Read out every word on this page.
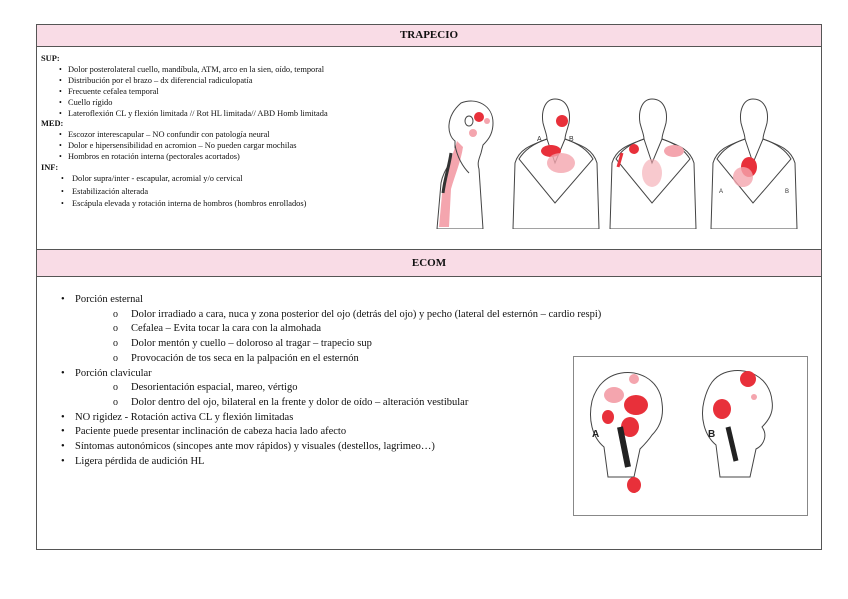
TRAPECIO
SUP:
• Dolor posterolateral cuello, mandíbula, ATM, arco en la sien, oído, temporal
• Distribución por el brazo – dx diferencial radiculopatía
• Frecuente cefalea temporal
• Cuello rígido
• Lateroflexión CL y flexión limitada // Rot HL limitada// ABD Homb limitada
MED:
• Escozor interescapular – NO confundir con patología neural
• Dolor e hipersensibilidad en acromion – No pueden cargar mochilas
• Hombros en rotación interna (pectorales acortados)
INF:
• Dolor supra/inter - escapular, acromial y/o cervical
• Estabilización alterada
• Escápula elevada y rotación interna de hombros (hombros enrollados)
A	B
A	B
ECOM
• Porción esternal
o Dolor irradiado a cara, nuca y zona posterior del ojo (detrás del ojo) y pecho (lateral del esternón – cardio respi)
o Cefalea – Evita tocar la cara con la almohada
o Dolor mentón y cuello – doloroso al tragar – trapecio sup
o Provocación de tos seca en la palpación en el esternón
• Porción clavicular
o Desorientación espacial, mareo, vértigo
o Dolor dentro del ojo, bilateral en la frente y dolor de oído – alteración vestibular
• NO rigidez - Rotación activa CL y flexión limitadas
• Paciente puede presentar inclinación de cabeza hacia lado afecto
• Síntomas autonómicos (sincopes ante mov rápidos) y visuales (destellos, lagrimeo…)
• Ligera pérdida de audición HL
A	B
